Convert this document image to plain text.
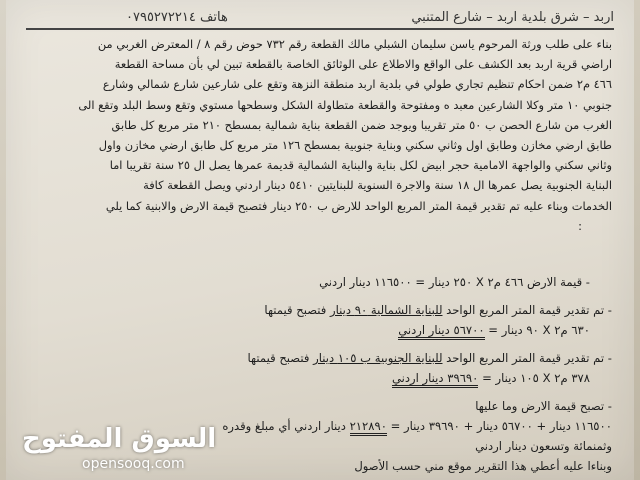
اربد – شرق بلدية اربد – شارع المتنبي
هاتف ٠٧٩٥٢٧٢٢١٤
بناء على طلب ورثة المرحوم ياسن سليمان الشبلي مالك القطعة رقم ٧٣٢ حوض رقم ٨ / المعترض الغربي من
اراضي قرية اربد بعد الكشف على الواقع والاطلاع على الوثائق الخاصة بالقطعة تبين لي بأن مساحة القطعة
٤٦٦ م٢ ضمن احكام تنظيم تجاري طولي في بلدية اربد منطقة النزهة وتقع على شارعين شارع شمالي وشارع
جنوبي ١٠ متر وكلا الشارعين معبد ه ومفتوحة والقطعة متطاولة الشكل وسطحها مستوي وتقع وسط البلد وتقع الى
الغرب من شارع الحصن ب ٥٠ متر تقريبا ويوجد ضمن القطعة بناية شمالية بمسطح ٢١٠ متر مربع كل طابق
طابق ارضي مخازن وطابق اول وثاني سكني وبناية جنوبية بمسطح ١٢٦ متر مربع كل طابق ارضي مخازن واول
وثاني سكني والواجهة الامامية حجر ابيض لكل بناية والبناية الشمالية قديمة عمرها يصل ال ٢٥ سنة تقريبا اما
البناية الجنوبية يصل عمرها ال ١٨ سنة والاجرة السنوية للبنايتين ٥٤١٠ دينار اردني ويصل القطعة كافة
الخدمات وبناء عليه تم تقدير قيمة المتر المربع الواحد للارض ب ٢٥٠ دينار فتصبح قيمة الارض والابنية كما يلي
:
- قيمة الارض ٤٦٦ م٢ X ٢٥٠ دينار = ١١٦٥٠٠ دينار اردني
- تم تقدير قيمة المتر المربع الواحد للبناية الشمالية ٩٠ دينار فتصبح قيمتها
٦٣٠ م٢ X ٩٠ دينار = ٥٦٧٠٠ دينار اردني
- تم تقدير قيمة المتر المربع الواحد للبناية الجنوبية ب ١٠٥ دينار فتصبح قيمتها
٣٧٨ م٢ X ١٠٥ دينار = ٣٩٦٩٠ دينار اردني
- تصبح قيمة الارض وما عليها
١١٦٥٠٠ دينار + ٥٦٧٠٠ دينار + ٣٩٦٩٠ دينار = ٢١٢٨٩٠ دينار اردني أي مبلغ وقدره
وثمنمائة وتسعون دينار اردني
وبناءا عليه أعطي هذا التقرير موقع مني حسب الأصول
السوق المفتوح
opensooq.com
